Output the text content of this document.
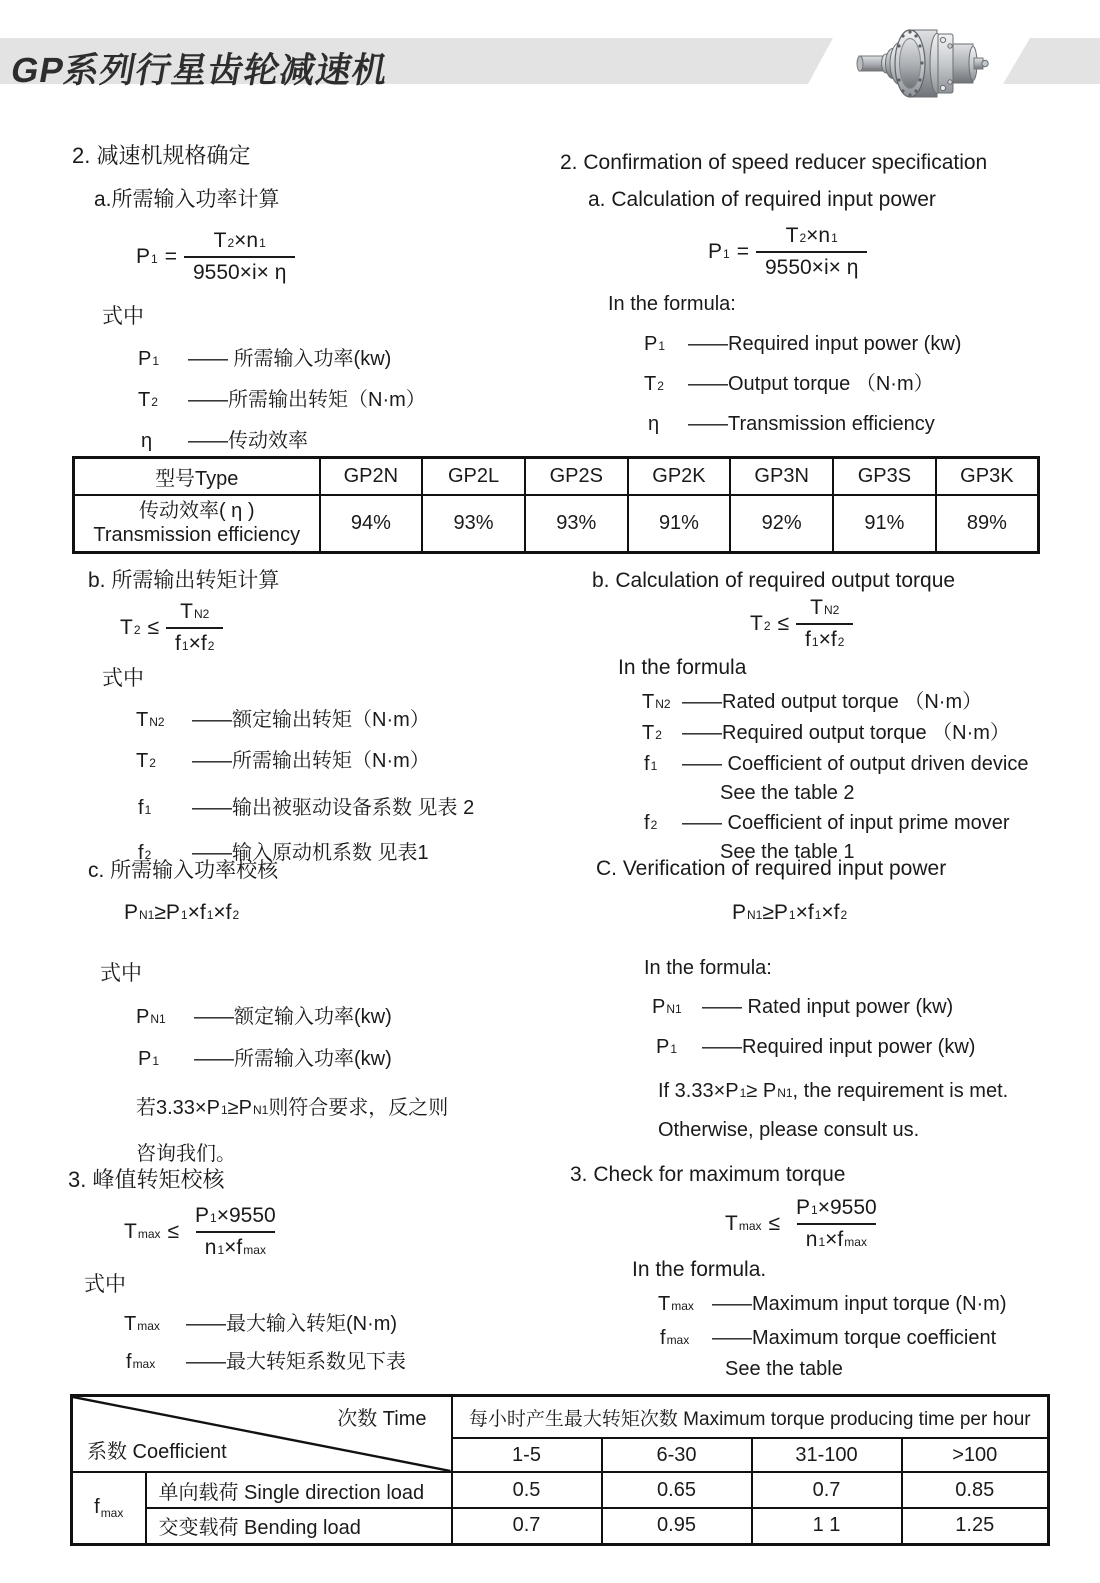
GP系列行星齿轮减速机
2. 减速机规格确定
a.所需输入功率计算
P $1 = \frac{T 2 \times n 1}{9550\times i\times \eta}$
式中
P 1 —— 所需输入功率(kw)
T 2 ——所需输出转矩（N·m）
η ——传动效率
2. Confirmation of speed reducer specification
a. Calculation of required input power
P $1 = \frac{T 2 \times n 1}{9550\times i\times \eta}$
In the formula:
P 1 ——Required input power (kw)
T 2 ——Output torque （N·m）
η ——Transmission efficiency
型号Type	GP2N	GP2L	GP2S	GP2K	GP3N	GP3S	GP3K

传动效率( η )
Transmission efficiency	94%	93%	93%	91%	92%	91%	89%
b. 所需输出转矩计算
T $2 \le \frac{\text{T N2}}{f 1 \times f 2}$
式中
T N2 ——额定输出转矩（N·m）
T 2 ——所需输出转矩（N·m）
f 1 ——输出被驱动设备系数 见表 2
f 2 ——输入原动机系数 见表1
b. Calculation of required output torque
T $2 \le \frac{\text{T N2}}{f 1 \times f 2}$
In the formula
T N2 ——Rated output torque （N·m）
T 2 ——Required output torque （N·m）
f 1 —— Coefficient of output driven device
See the table 2
f 2 —— Coefficient of input prime mover
See the table 1
c. 所需输入功率校核
P N1 ≥P 1 ×f 1 ×f 2
式中
P N1 ——额定输入功率(kw)
P 1 ——所需输入功率(kw)
若$3.33\times P_1 \ge P$ N1 则符合要求，反之则
咨询我们。
C. Verification of required input power
P N1 ≥P 1 ×f 1 ×f 2
In the formula:
P N1 —— Rated input power (kw)
P 1 ——Required input power (kw)
If 3.33×P 1 ≥ P N1 , the requirement is met.
Otherwise, please consult us.
3. 峰值转矩校核
T $\max \le \frac{P 1 \times 9550}{\text{n 1 ×f max}}$
式中
T max ——最大输入转矩(N·m)
f max ——最大转矩系数见下表
3. Check for maximum torque
T $\max \le \frac{P 1 \times 9550}{\text{n 1 ×f max}}$
In the formula.
T max ——Maximum input torque (N·m)
f max ——Maximum torque coefficient
See the table
次数 Time
系数 Coefficient		每小时产生最大转矩次数 Maximum torque producing time per hour			
		1-5	6-30	31-100	>100
$f_{max}$	单向载荷 Single direction load	0.5	0.65	0.7	0.85
	交变载荷 Bending load	0.7	0.95	1 1	1.25
